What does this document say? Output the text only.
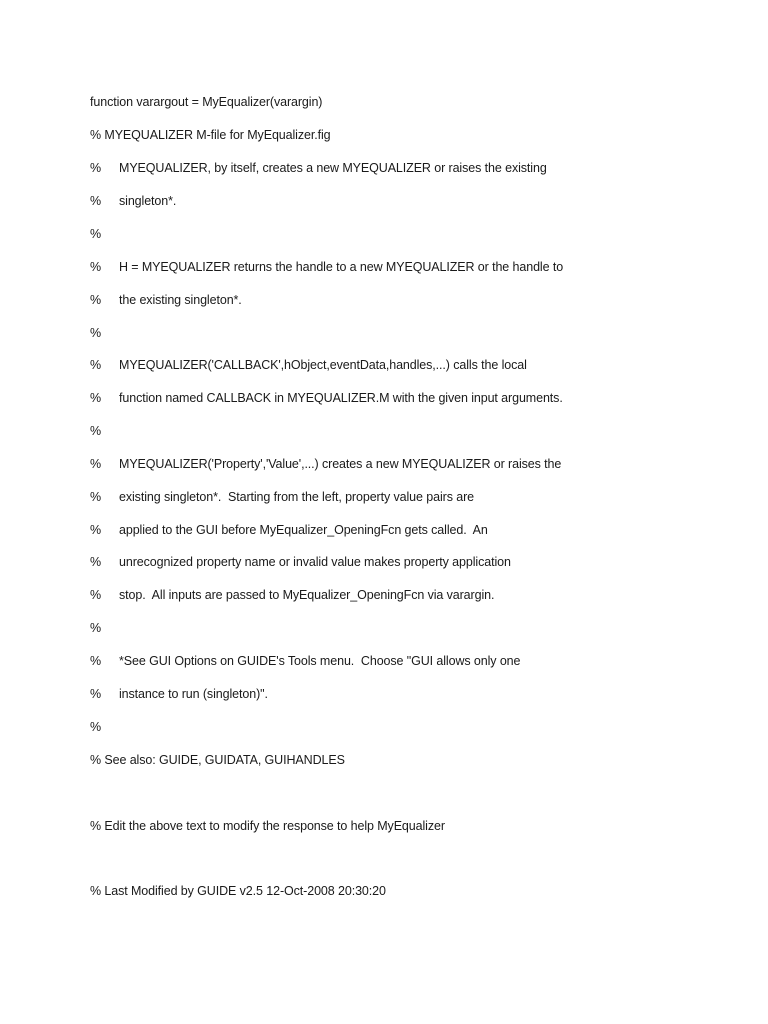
function varargout = MyEqualizer(varargin)
% MYEQUALIZER M-file for MyEqualizer.fig
% MYEQUALIZER, by itself, creates a new MYEQUALIZER or raises the existing
% singleton*.
%
% H = MYEQUALIZER returns the handle to a new MYEQUALIZER or the handle to
% the existing singleton*.
%
% MYEQUALIZER('CALLBACK',hObject,eventData,handles,...) calls the local
% function named CALLBACK in MYEQUALIZER.M with the given input arguments.
%
% MYEQUALIZER('Property','Value',...) creates a new MYEQUALIZER or raises the
% existing singleton*.  Starting from the left, property value pairs are
% applied to the GUI before MyEqualizer_OpeningFcn gets called.  An
% unrecognized property name or invalid value makes property application
% stop.  All inputs are passed to MyEqualizer_OpeningFcn via varargin.
%
% *See GUI Options on GUIDE's Tools menu.  Choose "GUI allows only one
% instance to run (singleton)".
%
% See also: GUIDE, GUIDATA, GUIHANDLES
% Edit the above text to modify the response to help MyEqualizer
% Last Modified by GUIDE v2.5 12-Oct-2008 20:30:20
